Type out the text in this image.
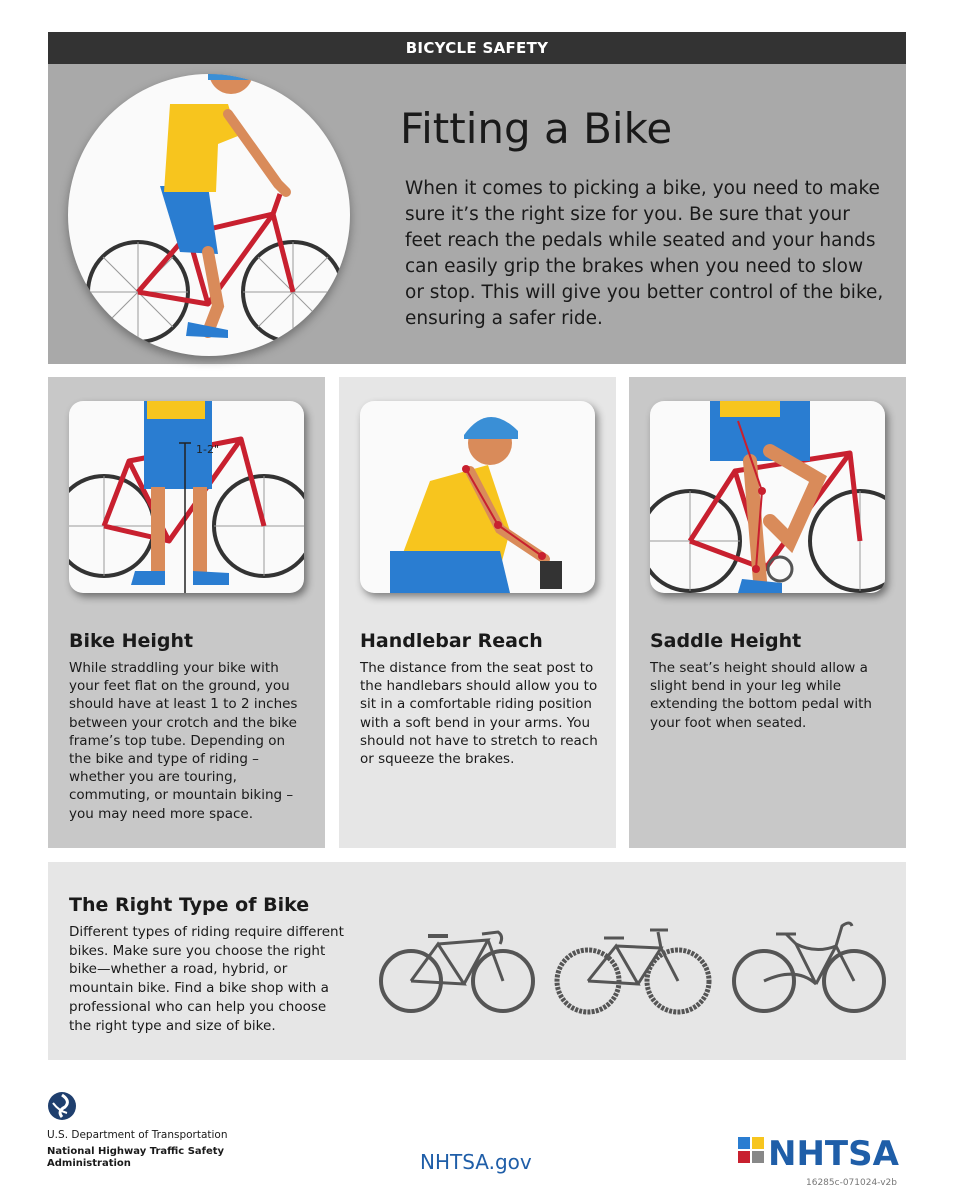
BICYCLE SAFETY
Fitting a Bike

When it comes to picking a bike, you need to make sure it’s the right size for you. Be sure that your feet reach the pedals while seated and your hands can easily grip the brakes when you need to slow or stop. This will give you better control of the bike, ensuring a safer ride.

1-2"
Bike Height

While straddling your bike with your feet flat on the ground, you should have at least 1 to 2 inches between your crotch and the bike frame’s top tube. Depending on the bike and type of riding – whether you are touring, commuting, or mountain biking – you may need more space.

Handlebar Reach

The distance from the seat post to the handlebars should allow you to sit in a comfortable riding position with a soft bend in your arms. You should not have to stretch to reach or squeeze the brakes.

Saddle Height

The seat’s height should allow a slight bend in your leg while extending the bottom pedal with your foot when seated.

The Right Type of Bike

Different types of riding require different bikes. Make sure you choose the right bike—whether a road, hybrid, or mountain bike. Find a bike shop with a professional who can help you choose the right type and size of bike.

U.S. Department of Transportation
National Highway Traffic Safety Administration	NHTSA.gov	NHTSA
16285c-071024-v2b
